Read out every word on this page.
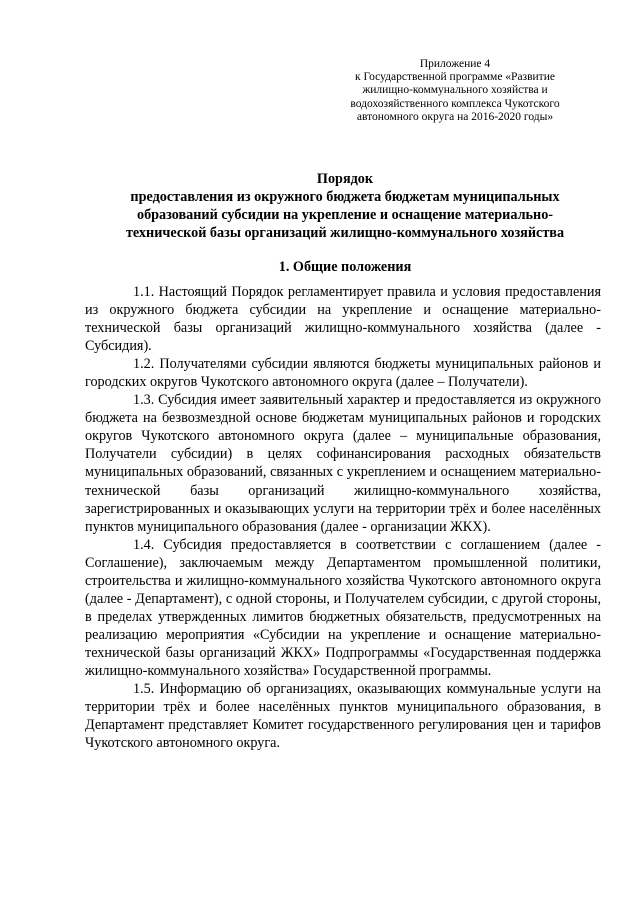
Приложение 4
к Государственной программе «Развитие
жилищно-коммунального хозяйства и
водохозяйственного комплекса Чукотского
автономного округа на 2016-2020 годы»
Порядок
предоставления из окружного бюджета бюджетам муниципальных
образований субсидии на укрепление и оснащение материально-
технической базы организаций жилищно-коммунального хозяйства
1. Общие положения

1.1. Настоящий Порядок регламентирует правила и условия предоставления из окружного бюджета субсидии на укрепление и оснащение материально-технической базы организаций жилищно-коммунального хозяйства (далее - Субсидия).

1.2. Получателями субсидии являются бюджеты муниципальных районов и городских округов Чукотского автономного округа (далее – Получатели).

1.3. Субсидия имеет заявительный характер и предоставляется из окружного бюджета на безвозмездной основе бюджетам муниципальных районов и городских округов Чукотского автономного округа (далее – муниципальные образования, Получатели субсидии) в целях софинансирования расходных обязательств муниципальных образований, связанных с укреплением и оснащением материально-технической базы организаций жилищно-коммунального хозяйства, зарегистрированных и оказывающих услуги на территории трёх и более населённых пунктов муниципального образования (далее - организации ЖКХ).

1.4. Субсидия предоставляется в соответствии с соглашением (далее - Соглашение), заключаемым между Департаментом промышленной политики, строительства и жилищно-коммунального хозяйства Чукотского автономного округа (далее - Департамент), с одной стороны, и Получателем субсидии, с другой стороны, в пределах утвержденных лимитов бюджетных обязательств, предусмотренных на реализацию мероприятия «Субсидии на укрепление и оснащение материально-технической базы организаций ЖКХ» Подпрограммы «Государственная поддержка жилищно-коммунального хозяйства» Государственной программы.

1.5. Информацию об организациях, оказывающих коммунальные услуги на территории трёх и более населённых пунктов муниципального образования, в Департамент представляет Комитет государственного регулирования цен и тарифов Чукотского автономного округа.
